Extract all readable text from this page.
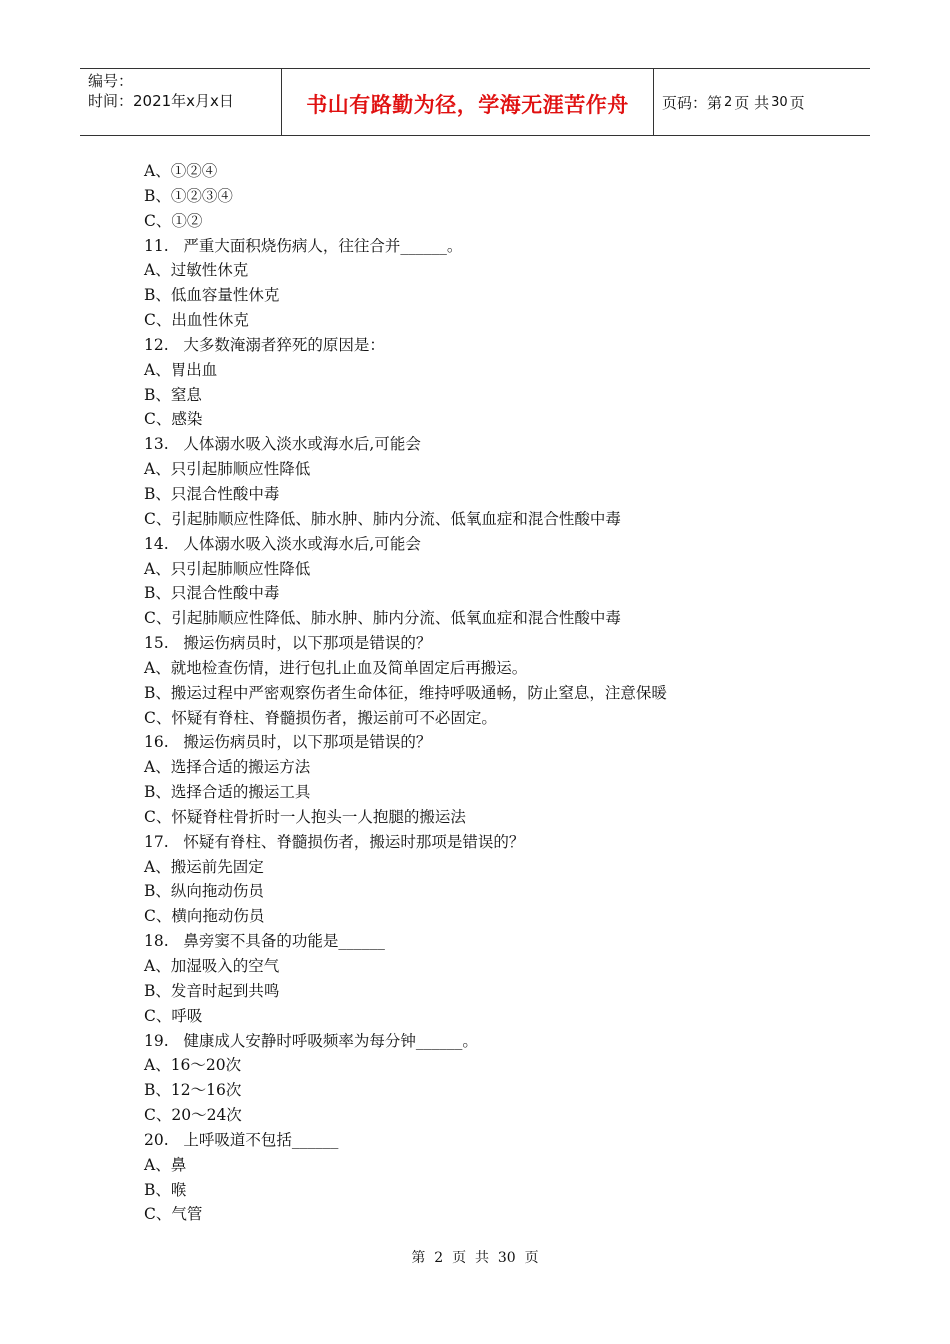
编号：
时间：2021年x月x日	书山有路勤为径，学海无涯苦作舟 页码：第 2 页 共 30 页
A、①②④
B、①②③④
C、①②
11.   严重大面积烧伤病人，往往合并______。
A、过敏性休克
B、低血容量性休克
C、出血性休克
12.   大多数淹溺者猝死的原因是：
A、胃出血
B、窒息
C、感染
13.   人体溺水吸入淡水或海水后,可能会
A、只引起肺顺应性降低
B、只混合性酸中毒
C、引起肺顺应性降低、肺水肿、肺内分流、低氧血症和混合性酸中毒
14.   人体溺水吸入淡水或海水后,可能会
A、只引起肺顺应性降低
B、只混合性酸中毒
C、引起肺顺应性降低、肺水肿、肺内分流、低氧血症和混合性酸中毒
15.   搬运伤病员时，以下那项是错误的？
A、就地检查伤情，进行包扎止血及简单固定后再搬运。
B、搬运过程中严密观察伤者生命体征，维持呼吸通畅，防止窒息，注意保暖
C、怀疑有脊柱、脊髓损伤者，搬运前可不必固定。
16.   搬运伤病员时，以下那项是错误的？
A、选择合适的搬运方法
B、选择合适的搬运工具
C、怀疑脊柱骨折时一人抱头一人抱腿的搬运法
17.   怀疑有脊柱、脊髓损伤者，搬运时那项是错误的？
A、搬运前先固定
B、纵向拖动伤员
C、横向拖动伤员
18.   鼻旁窦不具备的功能是______
A、加湿吸入的空气
B、发音时起到共鸣
C、呼吸
19.   健康成人安静时呼吸频率为每分钟______。
A、16～20次
B、12～16次
C、20～24次
20.   上呼吸道不包括______
A、鼻
B、喉
C、气管
第  2  页  共  30  页
